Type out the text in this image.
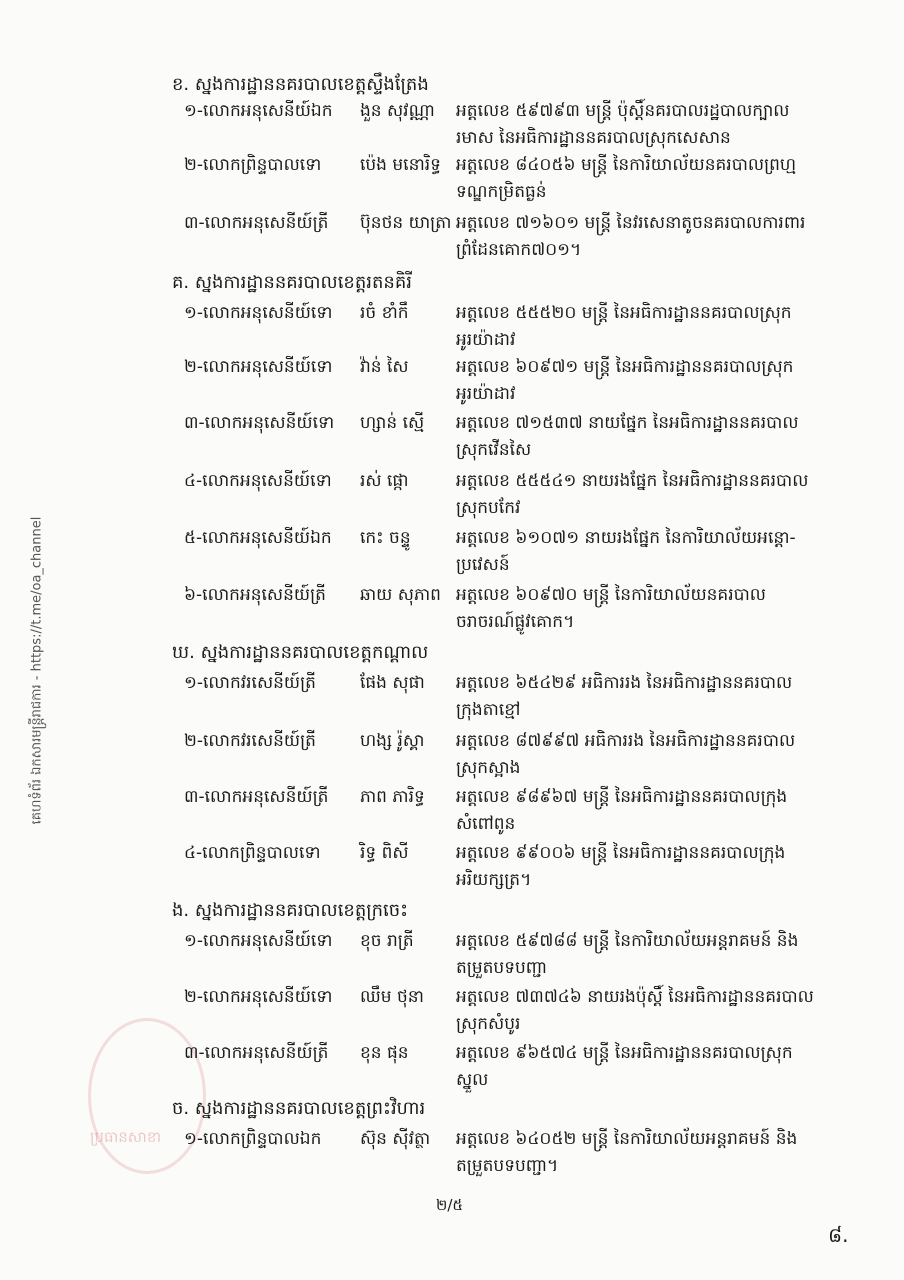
គេហទំព័រ ឯកសារមន្ត្រីរាជការ - https://t.me/oa_channel
ប្រធានសាខា
ខ. ស្នងការដ្ឋាននគរបាលខេត្តស្ទឹងត្រែង
១-លោកអនុសេនីយ៍ឯក ងួន សុវណ្ណា អត្តលេខ ៥៩៧៩៣ មន្ត្រី ប៉ុស្តិ៍នគរបាលរដ្ឋបាលក្បាល
រមាស នៃអធិការដ្ឋាននគរបាលស្រុកសេសាន
២-លោកព្រិន្ទបាលទោ ប៉េង មនោរិទ្ធ អត្តលេខ ៨៤០៥៦ មន្ត្រី នៃការិយាល័យនគរបាលព្រហ្ម
ទណ្ឌកម្រិតធ្ងន់
៣-លោកអនុសេនីយ៍ត្រី ប៊ុនថន យាត្រា អត្តលេខ ៧១៦០១ មន្ត្រី នៃវរសេនាតូចនគរបាលការពារ
ព្រំដែនគោក៧០១។
គ. ស្នងការដ្ឋាននគរបាលខេត្តរតនគិរី
១-លោកអនុសេនីយ៍ទោ រចំ ខាំកឹ	អត្តលេខ ៥៥៥២០ មន្ត្រី នៃអធិការដ្ឋាននគរបាលស្រុក
អូរយ៉ាដាវ
២-លោកអនុសេនីយ៍ទោ វ៉ាន់ សៃ	អត្តលេខ ៦០៩៧១ មន្ត្រី នៃអធិការដ្ឋាននគរបាលស្រុក
អូរយ៉ាដាវ
៣-លោកអនុសេនីយ៍ទោ ហ្សាន់ ស្មើ អត្តលេខ ៧១៥៣៧ នាយផ្នែក នៃអធិការដ្ឋាននគរបាល
ស្រុកវើនសៃ
៤-លោកអនុសេនីយ៍ទោ រស់ ផ្កោ	អត្តលេខ ៥៥៥៤១ នាយរងផ្នែក នៃអធិការដ្ឋាននគរបាល
ស្រុកបកែវ
៥-លោកអនុសេនីយ៍ឯក កេះ ចន្ទូ	អត្តលេខ ៦១០៧១ នាយរងផ្នែក នៃការិយាល័យអន្តោ-
ប្រវេសន៍
៦-លោកអនុសេនីយ៍ត្រី ឆាយ សុភាព អត្តលេខ ៦០៩៧០ មន្ត្រី នៃការិយាល័យនគរបាល
ចរាចរណ៍ផ្លូវគោក។
ឃ. ស្នងការដ្ឋាននគរបាលខេត្តកណ្ដាល
១-លោកវរសេនីយ៍ត្រី	ផែង សុផា អត្តលេខ ៦៥៤២៩ អធិការរង នៃអធិការដ្ឋាននគរបាល
ក្រុងតាខ្មៅ
២-លោកវរសេនីយ៍ត្រី	ហង្ស រ៉ូស្គា អត្តលេខ ៨៧៩៩៧ អធិការរង នៃអធិការដ្ឋាននគរបាល
ស្រុកស្អាង
៣-លោកអនុសេនីយ៍ត្រី ភាព ភារិទ្ធ អត្តលេខ ៩៨៩៦៧ មន្ត្រី នៃអធិការដ្ឋាននគរបាលក្រុង
សំពៅពូន
៤-លោកព្រិន្ទបាលទោ រិទ្ធ ពិសី	អត្តលេខ ៩៩០០៦ មន្ត្រី នៃអធិការដ្ឋាននគរបាលក្រុង
អរិយក្សត្រ។
ង. ស្នងការដ្ឋាននគរបាលខេត្តក្រចេះ
១-លោកអនុសេនីយ៍ទោ ខុច រាត្រី អត្តលេខ ៥៩៧៨៨ មន្ត្រី នៃការិយាល័យអន្តរាគមន៍ និង
តម្រួតបទបញ្ជា
២-លោកអនុសេនីយ៍ទោ ឈឹម ថុនា អត្តលេខ ៧៣៧៤៦ នាយរងប៉ុស្តិ៍ នៃអធិការដ្ឋាននគរបាល
ស្រុកសំបូរ
៣-លោកអនុសេនីយ៍ត្រី ខុន ផុន	អត្តលេខ ៩៦៥៧៤ មន្ត្រី នៃអធិការដ្ឋាននគរបាលស្រុក
ស្នួល
ច. ស្នងការដ្ឋាននគរបាលខេត្តព្រះវិហារ
១-លោកព្រិន្ទបាលឯក ស៊ុន ស៊ីវត្ថា អត្តលេខ ៦៤០៥២ មន្ត្រី នៃការិយាល័យអន្តរាគមន៍ និង
តម្រួតបទបញ្ជា។
២/៥
៨.
